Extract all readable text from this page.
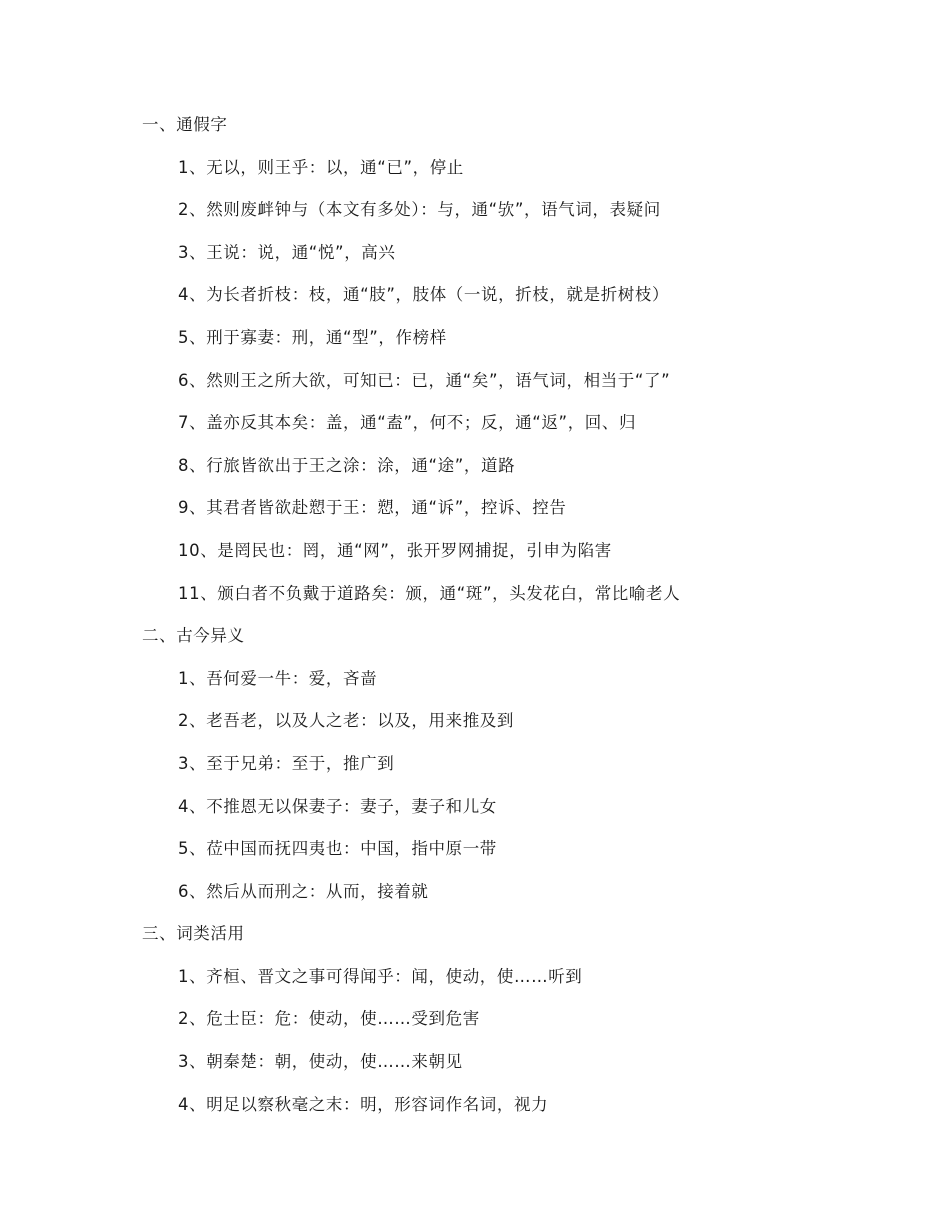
一、通假字
1、无以，则王乎：以，通“已”，停止
2、然则废衅钟与（本文有多处）：与，通“欤”，语气词，表疑问
3、王说：说，通“悦”，高兴
4、为长者折枝：枝，通“肢”，肢体（一说，折枝，就是折树枝）
5、刑于寡妻：刑，通“型”，作榜样
6、然则王之所大欲，可知已：已，通“矣”，语气词，相当于“了”
7、盖亦反其本矣：盖，通“盍”，何不；反，通“返”，回、归
8、行旅皆欲出于王之涂：涂，通“途”，道路
9、其君者皆欲赴愬于王：愬，通“诉”，控诉、控告
10、是罔民也：罔，通“网”，张开罗网捕捉，引申为陷害
11、颁白者不负戴于道路矣：颁，通“斑”，头发花白，常比喻老人
二、古今异义
1、吾何爱一牛：爱，吝啬
2、老吾老，以及人之老：以及，用来推及到
3、至于兄弟：至于，推广到
4、不推恩无以保妻子：妻子，妻子和儿女
5、莅中国而抚四夷也：中国，指中原一带
6、然后从而刑之：从而，接着就
三、词类活用
1、齐桓、晋文之事可得闻乎：闻，使动，使……听到
2、危士臣：危：使动，使……受到危害
3、朝秦楚：朝，使动，使……来朝见
4、明足以察秋毫之末：明，形容词作名词，视力
